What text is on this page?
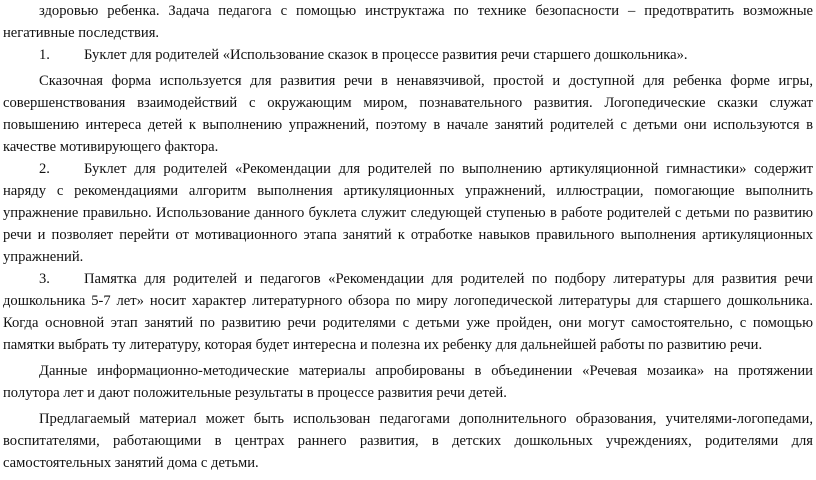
здоровью ребенка. Задача педагога с помощью инструктажа по технике безопасности – предотвратить возможные негативные последствия.

1. Буклет для родителей «Использование сказок в процессе развития речи старшего дошкольника».

Сказочная форма используется для развития речи в ненавязчивой, простой и доступной для ребенка форме игры, совершенствования взаимодействий с окружающим миром, познавательного развития. Логопедические сказки служат повышению интереса детей к выполнению упражнений, поэтому в начале занятий родителей с детьми они используются в качестве мотивирующего фактора.

2. Буклет для родителей «Рекомендации для родителей по выполнению артикуляционной гимнастики» содержит наряду с рекомендациями алгоритм выполнения артикуляционных упражнений, иллюстрации, помогающие выполнить упражнение правильно. Использование данного буклета служит следующей ступенью в работе родителей с детьми по развитию речи и позволяет перейти от мотивационного этапа занятий к отработке навыков правильного выполнения артикуляционных упражнений.

3. Памятка для родителей и педагогов «Рекомендации для родителей по подбору литературы для развития речи дошкольника 5-7 лет» носит характер литературного обзора по миру логопедической литературы для старшего дошкольника. Когда основной этап занятий по развитию речи родителями с детьми уже пройден, они могут самостоятельно, с помощью памятки выбрать ту литературу, которая будет интересна и полезна их ребенку для дальнейшей работы по развитию речи.

Данные информационно-методические материалы апробированы в объединении «Речевая мозаика» на протяжении полутора лет и дают положительные результаты в процессе развития речи детей.

Предлагаемый материал может быть использован педагогами дополнительного образования, учителями-логопедами, воспитателями, работающими в центрах раннего развития, в детских дошкольных учреждениях, родителями для самостоятельных занятий дома с детьми.
